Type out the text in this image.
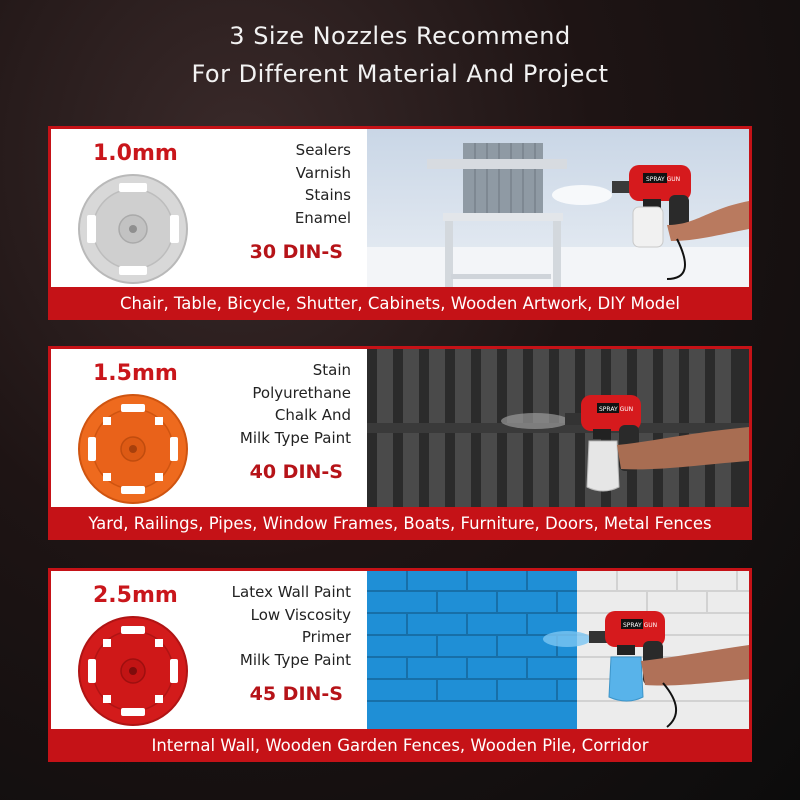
3 Size Nozzles Recommend
For Different Material And Project
1.0mm	Sealers
Varnish
Stains
Enamel
30 DIN-S
SPRAY GUN
Chair, Table, Bicycle, Shutter, Cabinets, Wooden Artwork, DIY Model
1.5mm	Stain
Polyurethane
Chalk And
Milk Type Paint
40 DIN-S
SPRAY GUN
Yard, Railings, Pipes, Window Frames, Boats, Furniture, Doors, Metal Fences
2.5mm	Latex Wall Paint
Low Viscosity
Primer
Milk Type Paint
45 DIN-S
SPRAY GUN
Internal Wall, Wooden Garden Fences, Wooden Pile, Corridor
